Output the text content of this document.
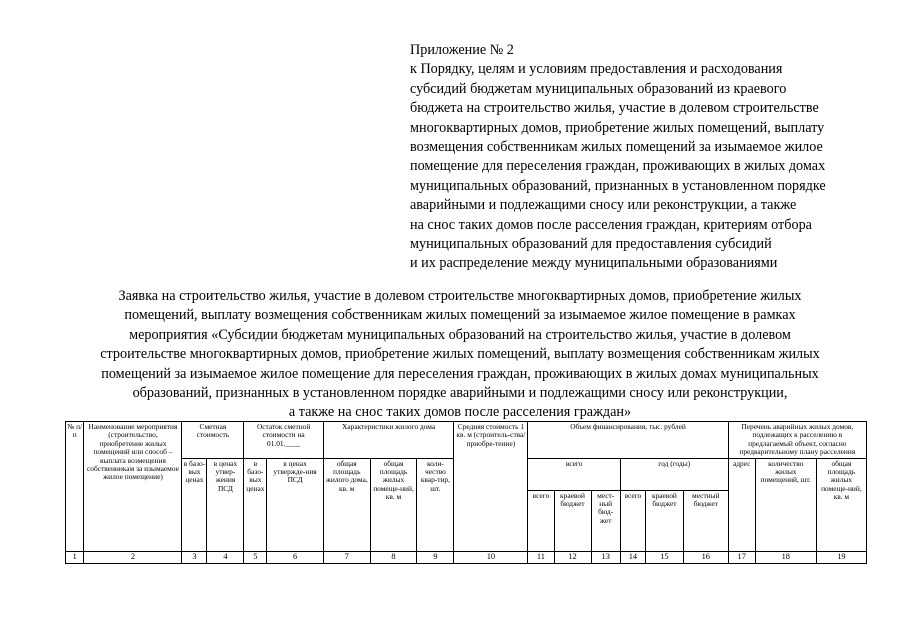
Приложение № 2
к Порядку, целям и условиям предоставления и расходования
субсидий бюджетам муниципальных образований из краевого
бюджета на строительство жилья, участие в долевом строительстве
многоквартирных домов, приобретение жилых помещений, выплату
возмещения собственникам жилых помещений за изымаемое жилое
помещение для переселения граждан, проживающих в жилых домах
муниципальных образований, признанных в установленном порядке
аварийными и подлежащими сносу или реконструкции, а также
на снос таких домов после расселения граждан, критериям отбора
муниципальных образований для предоставления субсидий
и их распределение между муниципальными образованиями
Заявка на строительство жилья, участие в долевом строительстве многоквартирных домов, приобретение жилых
помещений, выплату возмещения собственникам жилых помещений за изымаемое жилое помещение в рамках
мероприятия «Субсидии бюджетам муниципальных образований на строительство жилья, участие в долевом
строительстве многоквартирных домов, приобретение жилых помещений, выплату возмещения собственникам жилых
помещений за изымаемое жилое помещение для переселения граждан, проживающих в жилых домах муниципальных
образований, признанных в установленном порядке аварийными и подлежащими сносу или реконструкции,
а также на снос таких домов после расселения граждан»
№ п/п	Наименование мероприятия (строительство, приобретение жилых помещений или способ – выплата возмещения собственникам за изымаемое жилое помещение)	Сметная стоимость		Остаток сметной стоимости на 01.01.____		Характеристики жилого дома			Средняя стоимость 1 кв. м (строитель-ства/приобре-тение)	Объем финансирования, тыс. рублей						Перечень аварийных жилых домов, подлежащих к расселению в предлагаемый объект, согласно предварительному плану расселения		
		в базо-вых ценах	в ценах утвер-жения ПСД	в базо-вых ценах	в ценах утвержде-ния ПСД	общая площадь жилого дома, кв. м	общая площадь жилых помеще-ний, кв. м	коли-чество квар-тир, шт.		всего			год (годы)			адрес	количество жилых помещений, шт.	общая площадь жилых помеще-ний, кв. м
										всего	краевой бюджет	мест-ный бюд-жет	всего	краевой бюджет	местный бюджет			
1	2	3	4	5	6	7	8	9	10	11	12	13	14	15	16	17	18	19
